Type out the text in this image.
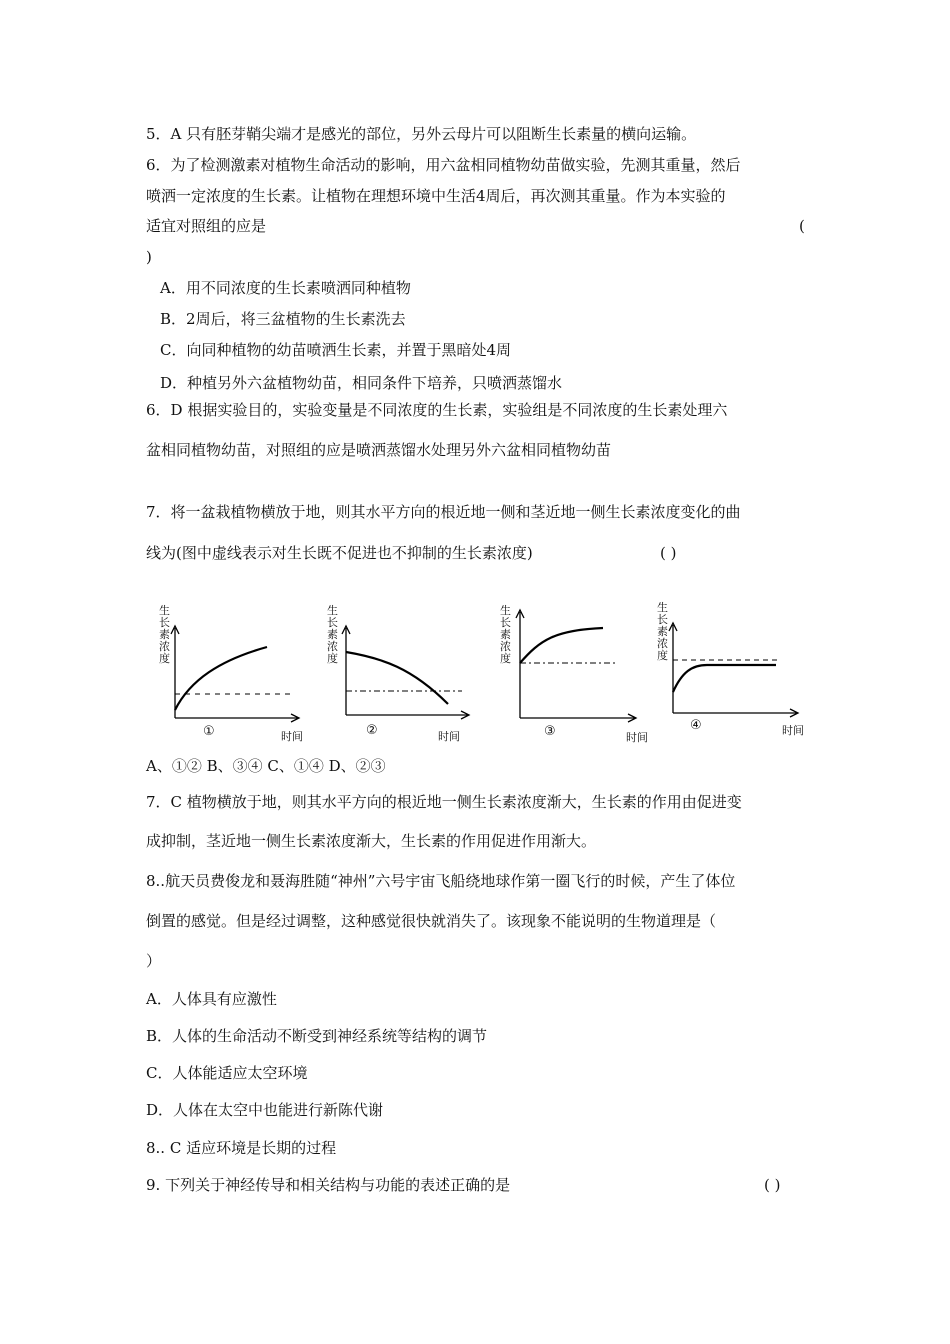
5．A 只有胚芽鞘尖端才是感光的部位，另外云母片可以阻断生长素量的横向运输。
6．为了检测激素对植物生命活动的影响，用六盆相同植物幼苗做实验，先测其重量，然后
喷洒一定浓度的生长素。让植物在理想环境中生活4周后，再次测其重量。作为本实验的
适宜对照组的应是	(
)
A．用不同浓度的生长素喷洒同种植物
B．2周后，将三盆植物的生长素洗去
C．向同种植物的幼苗喷洒生长素，并置于黑暗处4周
D．种植另外六盆植物幼苗，相同条件下培养，只喷洒蒸馏水
6．D 根据实验目的，实验变量是不同浓度的生长素，实验组是不同浓度的生长素处理六
盆相同植物幼苗，对照组的应是喷洒蒸馏水处理另外六盆相同植物幼苗
7．将一盆栽植物横放于地，则其水平方向的根近地一侧和茎近地一侧生长素浓度变化的曲
线为(图中虚线表示对生长既不促进也不抑制的生长素浓度)	( )
生
长
素
浓
度
①	时间
生
长
素
浓
度
②	时间
生
长
素
浓
度
③	时间
生
长
素
浓
度
④	时间
A、①② B、③④ C、①④ D、②③
7．C 植物横放于地，则其水平方向的根近地一侧生长素浓度渐大，生长素的作用由促进变
成抑制，茎近地一侧生长素浓度渐大，生长素的作用促进作用渐大。
8..航天员费俊龙和聂海胜随“神州”六号宇宙飞船绕地球作第一圈飞行的时候，产生了体位
倒置的感觉。但是经过调整，这种感觉很快就消失了。该现象不能说明的生物道理是（
）
A．人体具有应激性
B．人体的生命活动不断受到神经系统等结构的调节
C．人体能适应太空环境
D．人体在太空中也能进行新陈代谢
8.. C 适应环境是长期的过程
9. 下列关于神经传导和相关结构与功能的表述正确的是	( )
